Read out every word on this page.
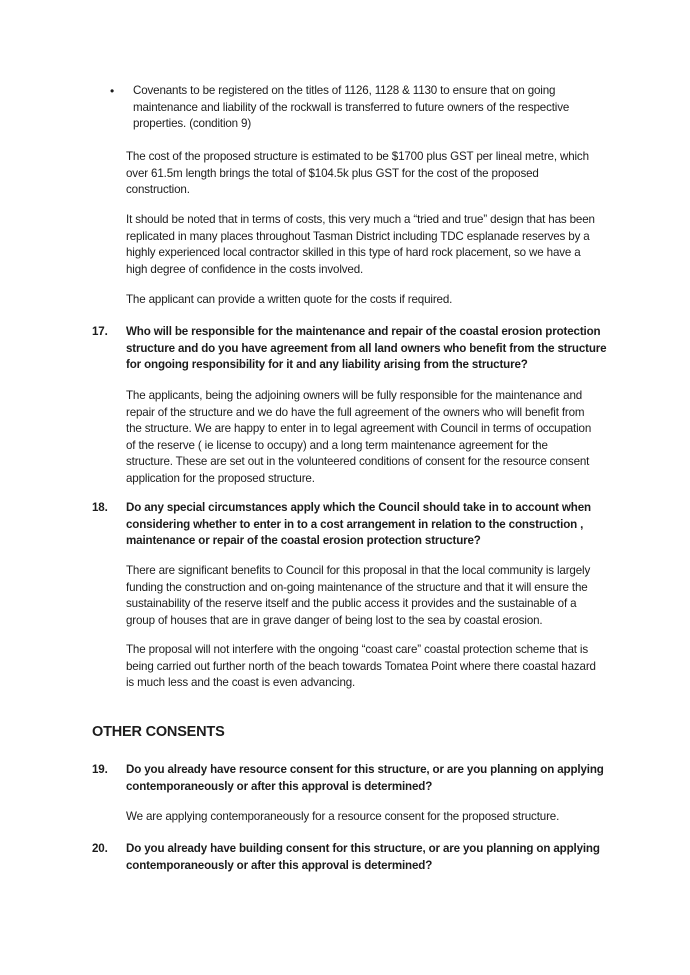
• Covenants to be registered on the titles of 1126, 1128 & 1130 to ensure that on going maintenance and liability of the rockwall is transferred to future owners of the respective properties. (condition 9)

The cost of the proposed structure is estimated to be $1700 plus GST per lineal metre, which over 61.5m length brings the total of $104.5k plus GST for the cost of the proposed construction.

It should be noted that in terms of costs, this very much a “tried and true” design that has been replicated in many places throughout Tasman District including TDC esplanade reserves by a highly experienced local contractor skilled in this type of hard rock placement, so we have a high degree of confidence in the costs involved.

The applicant can provide a written quote for the costs if required.

17. Who will be responsible for the maintenance and repair of the coastal erosion protection structure and do you have agreement from all land owners who benefit from the structure for ongoing responsibility for it and any liability arising from the structure?

The applicants, being the adjoining owners will be fully responsible for the maintenance and repair of the structure and we do have the full agreement of the owners who will benefit from the structure. We are happy to enter in to legal agreement with Council in terms of occupation of the reserve ( ie license to occupy) and a long term maintenance agreement for the structure. These are set out in the volunteered conditions of consent for the resource consent application for the proposed structure.

18. Do any special circumstances apply which the Council should take in to account when considering whether to enter in to a cost arrangement in relation to the construction , maintenance or repair of the coastal erosion protection structure?

There are significant benefits to Council for this proposal in that the local community is largely funding the construction and on-going maintenance of the structure and that it will ensure the sustainability of the reserve itself and the public access it provides and the sustainable of a group of houses that are in grave danger of being lost to the sea by coastal erosion.

The proposal will not interfere with the ongoing “coast care” coastal protection scheme that is being carried out further north of the beach towards Tomatea Point where there coastal hazard is much less and the coast is even advancing.

OTHER CONSENTS
19. Do you already have resource consent for this structure, or are you planning on applying contemporaneously or after this approval is determined?

We are applying contemporaneously for a resource consent for the proposed structure.

20. Do you already have building consent for this structure, or are you planning on applying contemporaneously or after this approval is determined?
